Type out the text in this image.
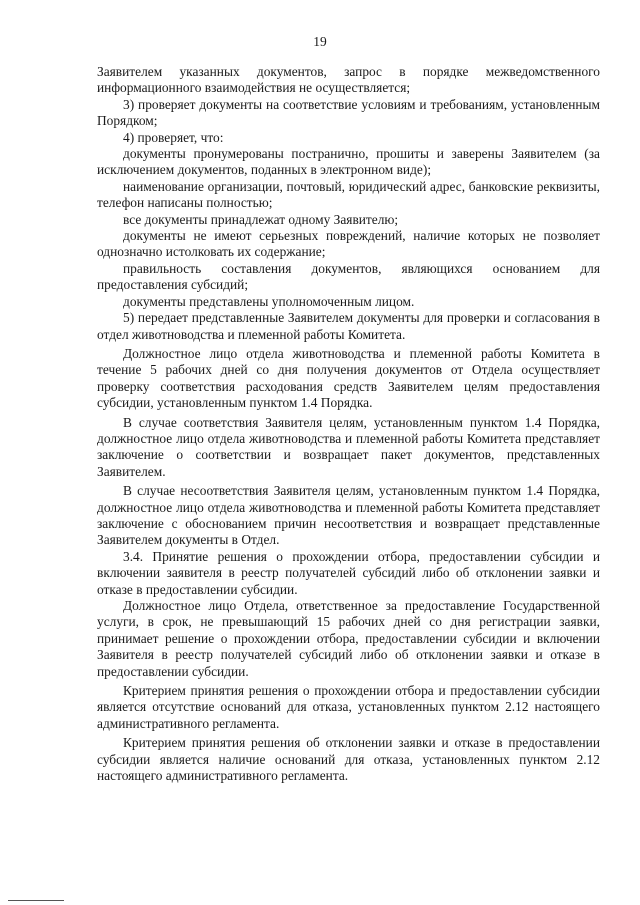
19

Заявителем указанных документов, запрос в порядке межведомственного информационного взаимодействия не осуществляется;

3) проверяет документы на соответствие условиям и требованиям, установленным Порядком;

4) проверяет, что:

документы пронумерованы постранично, прошиты и заверены Заявителем (за исключением документов, поданных в электронном виде);

наименование организации, почтовый, юридический адрес, банковские реквизиты, телефон написаны полностью;

все документы принадлежат одному Заявителю;

документы не имеют серьезных повреждений, наличие которых не позволяет однозначно истолковать их содержание;

правильность составления документов, являющихся основанием для предоставления субсидий;

документы представлены уполномоченным лицом.

5) передает представленные Заявителем документы для проверки и согласования в отдел животноводства и племенной работы Комитета.

Должностное лицо отдела животноводства и племенной работы Комитета в течение 5 рабочих дней со дня получения документов от Отдела осуществляет проверку соответствия расходования средств Заявителем целям предоставления субсидии, установленным пунктом 1.4 Порядка.

В случае соответствия Заявителя целям, установленным пунктом 1.4 Порядка, должностное лицо отдела животноводства и племенной работы Комитета представляет заключение о соответствии и возвращает пакет документов, представленных Заявителем.

В случае несоответствия Заявителя целям, установленным пунктом 1.4 Порядка, должностное лицо отдела животноводства и племенной работы Комитета представляет заключение с обоснованием причин несоответствия и возвращает представленные Заявителем документы в Отдел.

3.4. Принятие решения о прохождении отбора, предоставлении субсидии и включении заявителя в реестр получателей субсидий либо об отклонении заявки и отказе в предоставлении субсидии.

Должностное лицо Отдела, ответственное за предоставление Государственной услуги, в срок, не превышающий 15 рабочих дней со дня регистрации заявки, принимает решение о прохождении отбора, предоставлении субсидии и включении Заявителя в реестр получателей субсидий либо об отклонении заявки и отказе в предоставлении субсидии.

Критерием принятия решения о прохождении отбора и предоставлении субсидии является отсутствие оснований для отказа, установленных пунктом 2.12 настоящего административного регламента.

Критерием принятия решения об отклонении заявки и отказе в предоставлении субсидии является наличие оснований для отказа, установленных пунктом 2.12 настоящего административного регламента.
